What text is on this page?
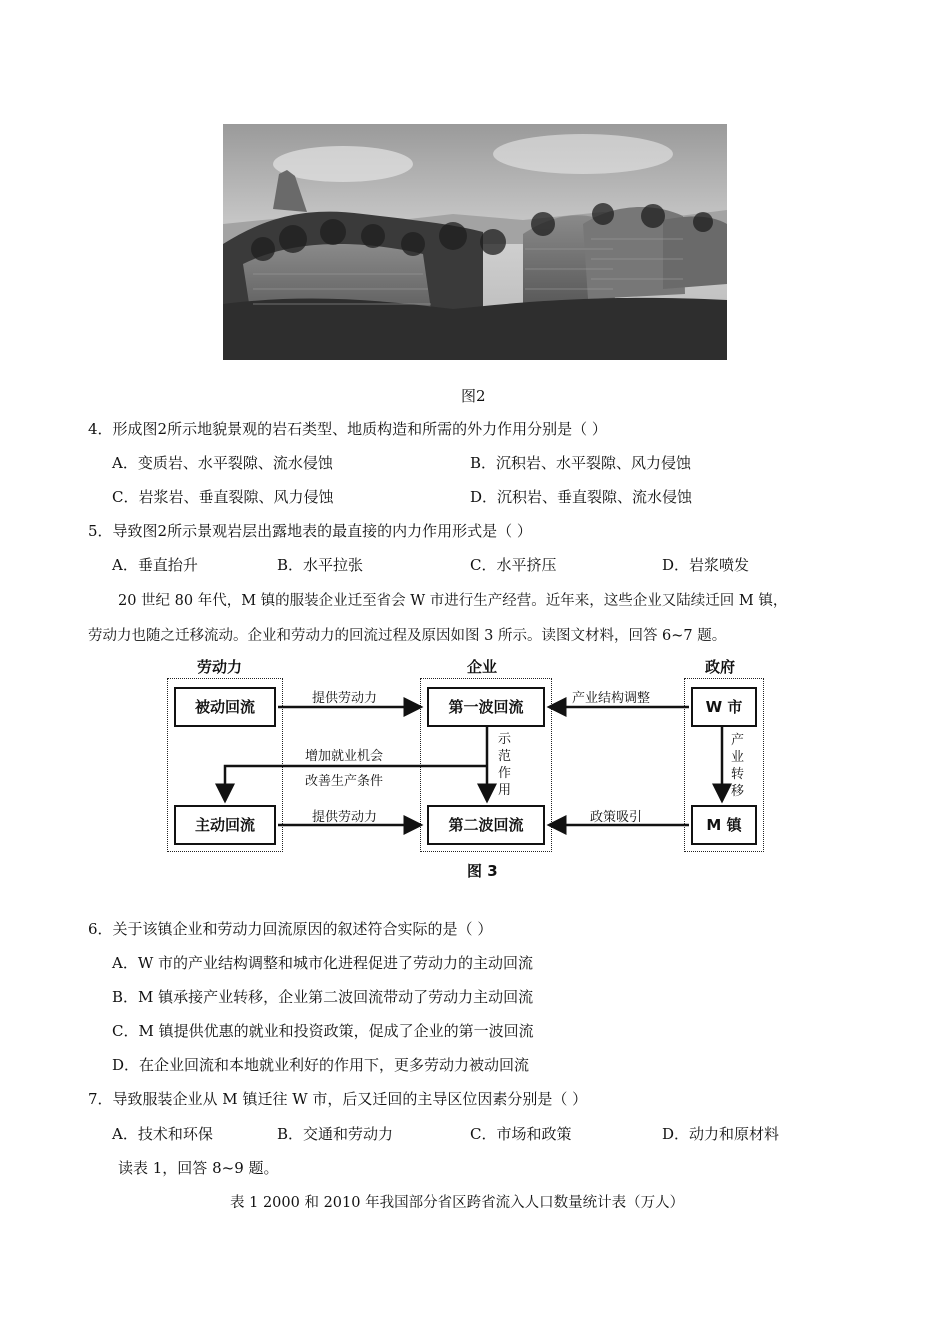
图2
4．形成图2所示地貌景观的岩石类型、地质构造和所需的外力作用分别是（ ）
A．变质岩、水平裂隙、流水侵蚀	B．沉积岩、水平裂隙、风力侵蚀
C．岩浆岩、垂直裂隙、风力侵蚀	D．沉积岩、垂直裂隙、流水侵蚀
5．导致图2所示景观岩层出露地表的最直接的内力作用形式是（ ）
A．垂直抬升	B．水平拉张	C．水平挤压	D．岩浆喷发
20 世纪 80 年代，M 镇的服装企业迁至省会 W 市进行生产经营。近年来，这些企业又陆续迁回 M 镇，
劳动力也随之迁移流动。企业和劳动力的回流过程及原因如图 3 所示。读图文材料，回答 6~7 题。
劳动力	企业	政府
被动回流
主动回流
第一波回流
第二波回流
W 市
M 镇
提供劳动力
提供劳动力
产业结构调整
政策吸引
增加就业机会
改善生产条件
示范作用
产业转移
图 3
6．关于该镇企业和劳动力回流原因的叙述符合实际的是（ ）
A．W 市的产业结构调整和城市化进程促进了劳动力的主动回流
B．M 镇承接产业转移，企业第二波回流带动了劳动力主动回流
C．M 镇提供优惠的就业和投资政策，促成了企业的第一波回流
D．在企业回流和本地就业利好的作用下，更多劳动力被动回流
7．导致服装企业从 M 镇迁往 W 市，后又迁回的主导区位因素分别是（ ）
A．技术和环保	B．交通和劳动力	C．市场和政策	D．动力和原材料
读表 1，回答 8~9 题。
表 1 2000 和 2010 年我国部分省区跨省流入人口数量统计表（万人）
